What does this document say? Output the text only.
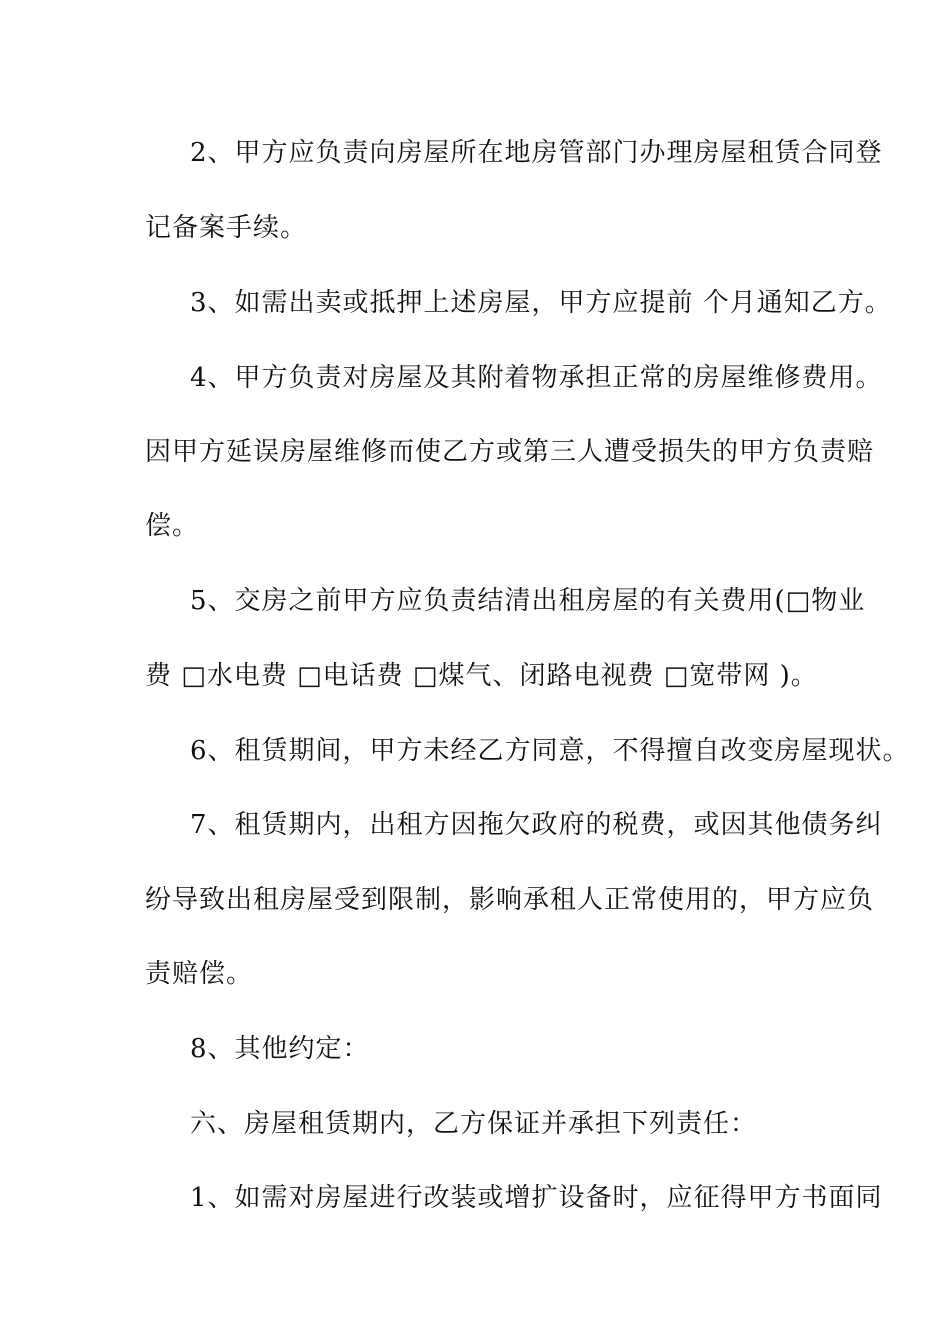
2、甲方应负责向房屋所在地房管部门办理房屋租赁合同登
记备案手续。
3、如需出卖或抵押上述房屋，甲方应提前 个月通知乙方。
4、甲方负责对房屋及其附着物承担正常的房屋维修费用。
因甲方延误房屋维修而使乙方或第三人遭受损失的甲方负责赔
偿。
5、交房之前甲方应负责结清出租房屋的有关费用(□物业
费 □水电费 □电话费 □煤气、闭路电视费 □宽带网 )。
6、租赁期间，甲方未经乙方同意，不得擅自改变房屋现状。
7、租赁期内，出租方因拖欠政府的税费，或因其他债务纠
纷导致出租房屋受到限制，影响承租人正常使用的，甲方应负
责赔偿。
8、其他约定：
六、房屋租赁期内，乙方保证并承担下列责任：
1、如需对房屋进行改装或增扩设备时，应征得甲方书面同
